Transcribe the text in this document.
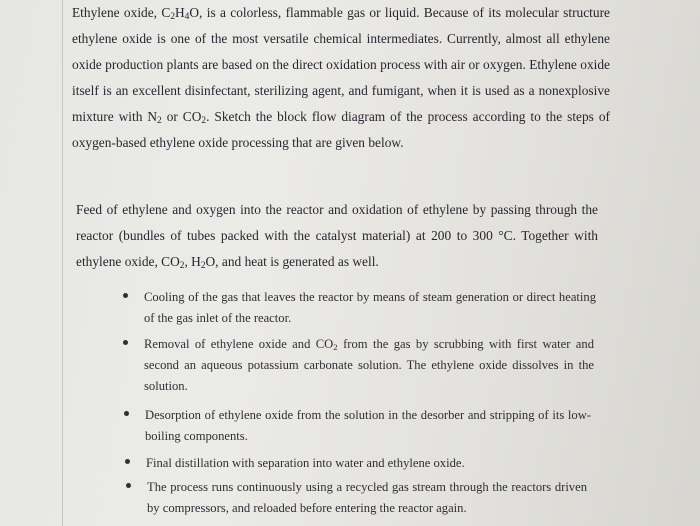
Ethylene oxide, $C_2H_4O$, is a colorless, flammable gas or liquid. Because of its molecular structure ethylene oxide is one of the most versatile chemical intermediates. Currently, almost all ethylene oxide production plants are based on the direct oxidation process with air or oxygen. Ethylene oxide itself is an excellent disinfectant, sterilizing agent, and fumigant, when it is used as a nonexplosive mixture with $N_2$ or $CO_2$. Sketch the block flow diagram of the process according to the steps of oxygen-based ethylene oxide processing that are given below.

Feed of ethylene and oxygen into the reactor and oxidation of ethylene by passing through the reactor (bundles of tubes packed with the catalyst material) at 200 to 300 °C. Together with ethylene oxide, $CO_2$, $H_2O$, and heat is generated as well.

Cooling of the gas that leaves the reactor by means of steam generation or direct heating of the gas inlet of the reactor.
Removal of ethylene oxide and $CO_2$ from the gas by scrubbing with first water and second an aqueous potassium carbonate solution. The ethylene oxide dissolves in the solution.
Desorption of ethylene oxide from the solution in the desorber and stripping of its low-boiling components.
Final distillation with separation into water and ethylene oxide.
The process runs continuously using a recycled gas stream through the reactors driven by compressors, and reloaded before entering the reactor again.
